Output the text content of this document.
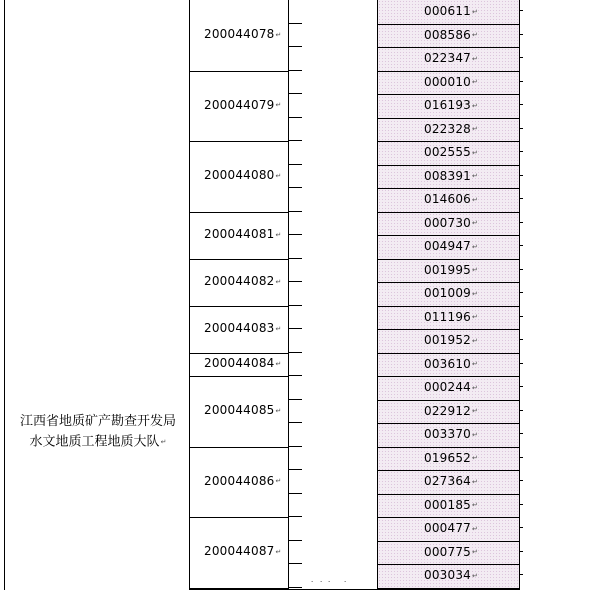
200044078↵
000611↵
008586↵
022347↵
200044079↵
000010↵
016193↵
022328↵
200044080↵
002555↵
008391↵
014606↵
200044081↵
000730↵
004947↵
200044082↵
001995↵
001009↵
200044083↵
011196↵
001952↵
200044084↵	003610↵
200044085↵
000244↵
022912↵
003370↵
200044086↵
019652↵
027364↵
000185↵
200044087↵
000477↵
000775↵
003034↵
江西省地质矿产勘查开发局
水文地质工程地质大队↵
· · · ·
